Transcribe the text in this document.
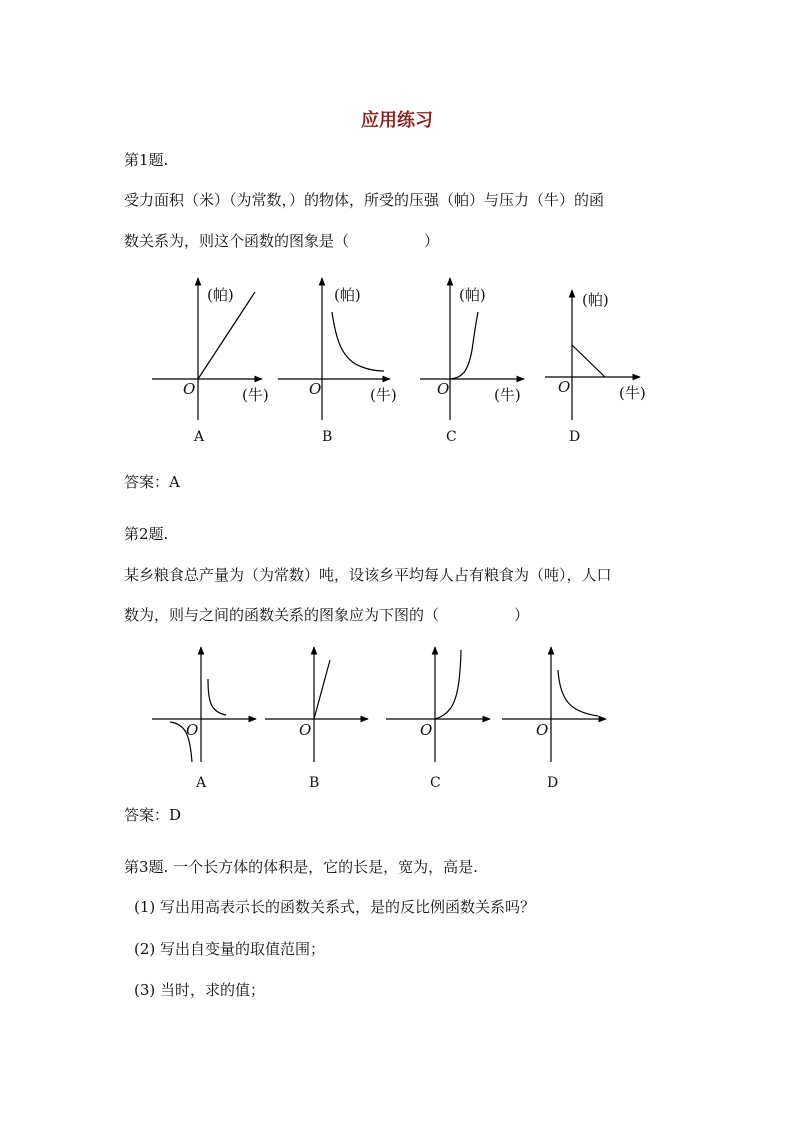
应用练习
第1题.
受力面积（米）（为常数，）的物体，所受的压强（帕）与压力（牛）的函
数关系为，则这个函数的图象是（　　　　　）
(帕)
(牛)
O
A
(帕)
(牛)
O
B
(帕)
(牛)
O
C
(帕)
(牛)
O
D
O
A
O
B
O
C
O
D
答案：A
第2题.
某乡粮食总产量为（为常数）吨，设该乡平均每人占有粮食为（吨），人口
数为，则与之间的函数关系的图象应为下图的（　　　　　）
答案：D
第3题. 一个长方体的体积是，它的长是，宽为，高是.
(1) 写出用高表示长的函数关系式，是的反比例函数关系吗？
(2) 写出自变量的取值范围；
(3) 当时，求的值；
